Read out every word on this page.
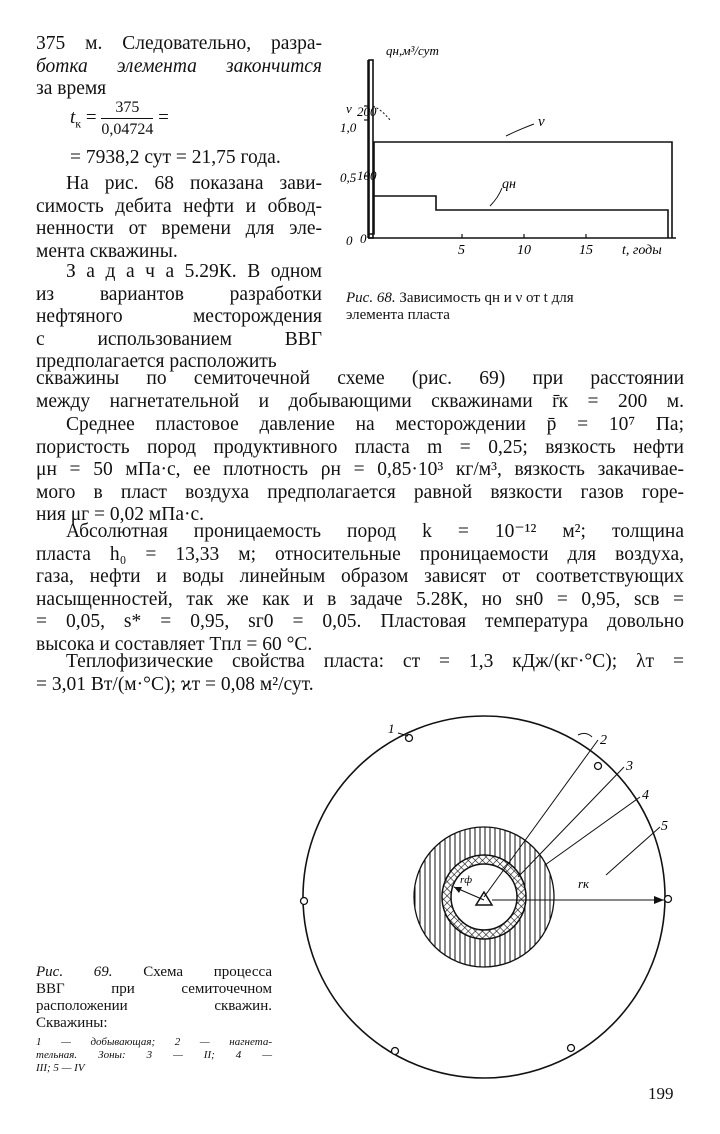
375 м. Следовательно, разра-
ботка элемента закончится
за время
$t_к = \frac{375}{0,04724}$ =
= 7938,2 сут = 21,75 года.
На рис. 68 показана зави-
симость дебита нефти и обвод-
ненности от времени для эле-
мента скважины.
З а д а ч а 5.29К. В одном
из вариантов разработки
нефтяного месторождения
с использованием ВВГ
предполагается расположить
qн,м³/сут
ν
qн
ν
1,0
0,5
0
200
100
0
5	10	15 t, годы
Рис. 68. Зависимость qн и ν от t для
элемента пласта
скважины по семиточечной схеме (рис. 69) при расстоянии
между нагнетательной и добывающими скважинами r̄к = 200 м.
Среднее пластовое давление на месторождении p̄ = 10⁷ Па;
пористость пород продуктивного пласта m = 0,25; вязкость нефти
μн = 50 мПа·с, ее плотность ρн = 0,85·10³ кг/м³, вязкость закачивае-
мого в пласт воздуха предполагается равной вязкости газов горе-
ния μг = 0,02 мПа·с.
Абсолютная проницаемость пород k = 10⁻¹² м²; толщина
пласта h₀ = 13,33 м; относительные проницаемости для воздуха,
газа, нефти и воды линейным образом зависят от соответствующих
насыщенностей, так же как и в задаче 5.28К, но sн0 = 0,95, sсв =
= 0,05, s* = 0,95, sг0 = 0,05. Пластовая температура довольно
высока и составляет Tпл = 60 °С.
Теплофизические свойства пласта: cт = 1,3 кДж/(кг·°С); λт =
= 3,01 Вт/(м·°С); ϰт = 0,08 м²/сут.
1
2
3
4
5
rф	rк
Рис. 69. Схема процесса
ВВГ при семиточечном
расположении скважин.
Скважины:
1 — добывающая; 2 — нагнета-
тельная. Зоны: 3 — II; 4 —
III; 5 — IV
199
